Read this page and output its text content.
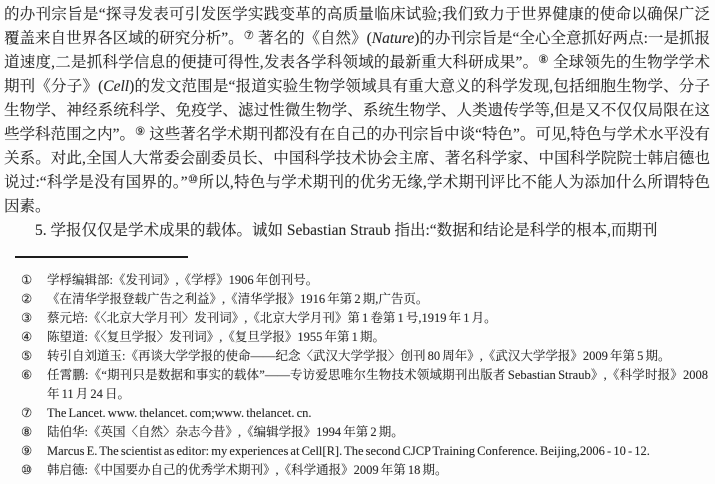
的办刊宗旨是“探寻发表可引发医学实践变革的高质量临床试验;我们致力于世界健康的使命以确保广泛覆盖来自世界各区域的研究分析”。⑦ 著名的《自然》(Nature)的办刊宗旨是“全心全意抓好两点:一是抓报道速度,二是抓科学信息的便捷可得性,发表各学科领域的最新重大科研成果”。⑧ 全球领先的生物学学术期刊《分子》(Cell)的发文范围是“报道实验生物学领域具有重大意义的科学发现,包括细胞生物学、分子生物学、神经系统科学、免疫学、滤过性微生物学、系统生物学、人类遗传学等,但是又不仅仅局限在这些学科范围之内”。⑨ 这些著名学术期刊都没有在自己的办刊宗旨中谈“特色”。可见,特色与学术水平没有关系。对此,全国人大常委会副委员长、中国科学技术协会主席、著名科学家、中国科学院院士韩启德也说过:“科学是没有国界的。”⑩所以,特色与学术期刊的优劣无缘,学术期刊评比不能人为添加什么所谓特色因素。

5. 学报仅仅是学术成果的载体。诚如 Sebastian Straub 指出:“数据和结论是科学的根本,而期刊

①	学桴编辑部:《发刊词》,《学桴》1906 年创刊号。
②	《在清华学报登载广告之利益》,《清华学报》1916 年第 2 期,广告页。
③	蔡元培:《〈北京大学月刊〉发刊词》,《北京大学月刊》第 1 卷第 1 号,1919 年 1 月。
④	陈望道:《〈复旦学报〉发刊词》,《复旦学报》1955 年第 1 期。
⑤	转引自刘道玉:《再谈大学学报的使命——纪念〈武汉大学学报〉创刊 80 周年》,《武汉大学学报》2009 年第 5 期。
⑥	任霄鹏:《“期刊只是数据和事实的载体”——专访爱思唯尔生物技术领域期刊出版者 Sebastian Straub》,《科学时报》2008 年 11 月 24 日。
⑦	The Lancet. www. thelancet. com;www. thelancet. cn.
⑧	陆伯华:《英国〈自然〉杂志今昔》,《编辑学报》1994 年第 2 期。
⑨	Marcus E. The scientist as editor: my experiences at Cell[R]. The second CJCP Training Conference. Beijing,2006 - 10 - 12.
⑩	韩启德:《中国要办自己的优秀学术期刊》,《科学通报》2009 年第 18 期。
